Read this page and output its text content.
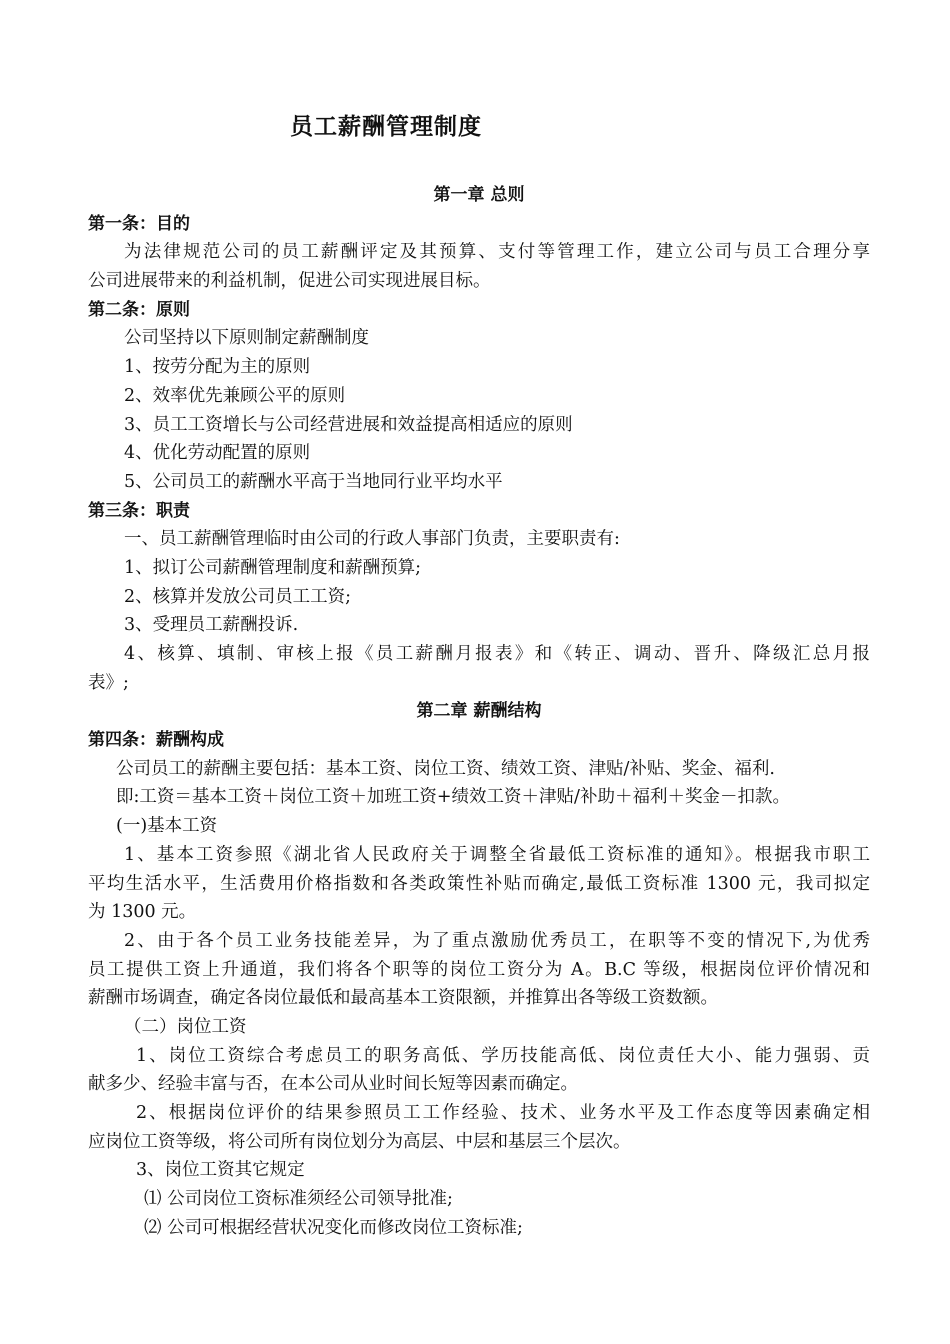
员工薪酬管理制度
第一章 总则
第一条：目的
为法律规范公司的员工薪酬评定及其预算、支付等管理工作，建立公司与员工合理分享
公司进展带来的利益机制，促进公司实现进展目标。
第二条：原则
公司坚持以下原则制定薪酬制度
1、按劳分配为主的原则
2、效率优先兼顾公平的原则
3、员工工资增长与公司经营进展和效益提高相适应的原则
4、优化劳动配置的原则
5、公司员工的薪酬水平高于当地同行业平均水平
第三条：职责
一、员工薪酬管理临时由公司的行政人事部门负责，主要职责有:
1、拟订公司薪酬管理制度和薪酬预算;
2、核算并发放公司员工工资;
3、受理员工薪酬投诉.
4、核算、填制、审核上报《员工薪酬月报表》和《转正、调动、晋升、降级汇总月报
表》;
第二章 薪酬结构
第四条：薪酬构成
公司员工的薪酬主要包括：基本工资、岗位工资、绩效工资、津贴/补贴、奖金、福利.
即:工资＝基本工资＋岗位工资＋加班工资+绩效工资＋津贴/补助＋福利＋奖金－扣款。
(一)基本工资
1、基本工资参照《湖北省人民政府关于调整全省最低工资标准的通知》。根据我市职工
平均生活水平，生活费用价格指数和各类政策性补贴而确定,最低工资标准 1300 元，我司拟定
为 1300 元。
2、由于各个员工业务技能差异，为了重点激励优秀员工，在职等不变的情况下,为优秀
员工提供工资上升通道，我们将各个职等的岗位工资分为 A。B.C 等级，根据岗位评价情况和
薪酬市场调查，确定各岗位最低和最高基本工资限额，并推算出各等级工资数额。
（二）岗位工资
1、岗位工资综合考虑员工的职务高低、学历技能高低、岗位责任大小、能力强弱、贡
献多少、经验丰富与否，在本公司从业时间长短等因素而确定。
2、根据岗位评价的结果参照员工工作经验、技术、业务水平及工作态度等因素确定相
应岗位工资等级，将公司所有岗位划分为高层、中层和基层三个层次。
3、岗位工资其它规定
⑴ 公司岗位工资标准须经公司领导批准;
⑵ 公司可根据经营状况变化而修改岗位工资标准;
